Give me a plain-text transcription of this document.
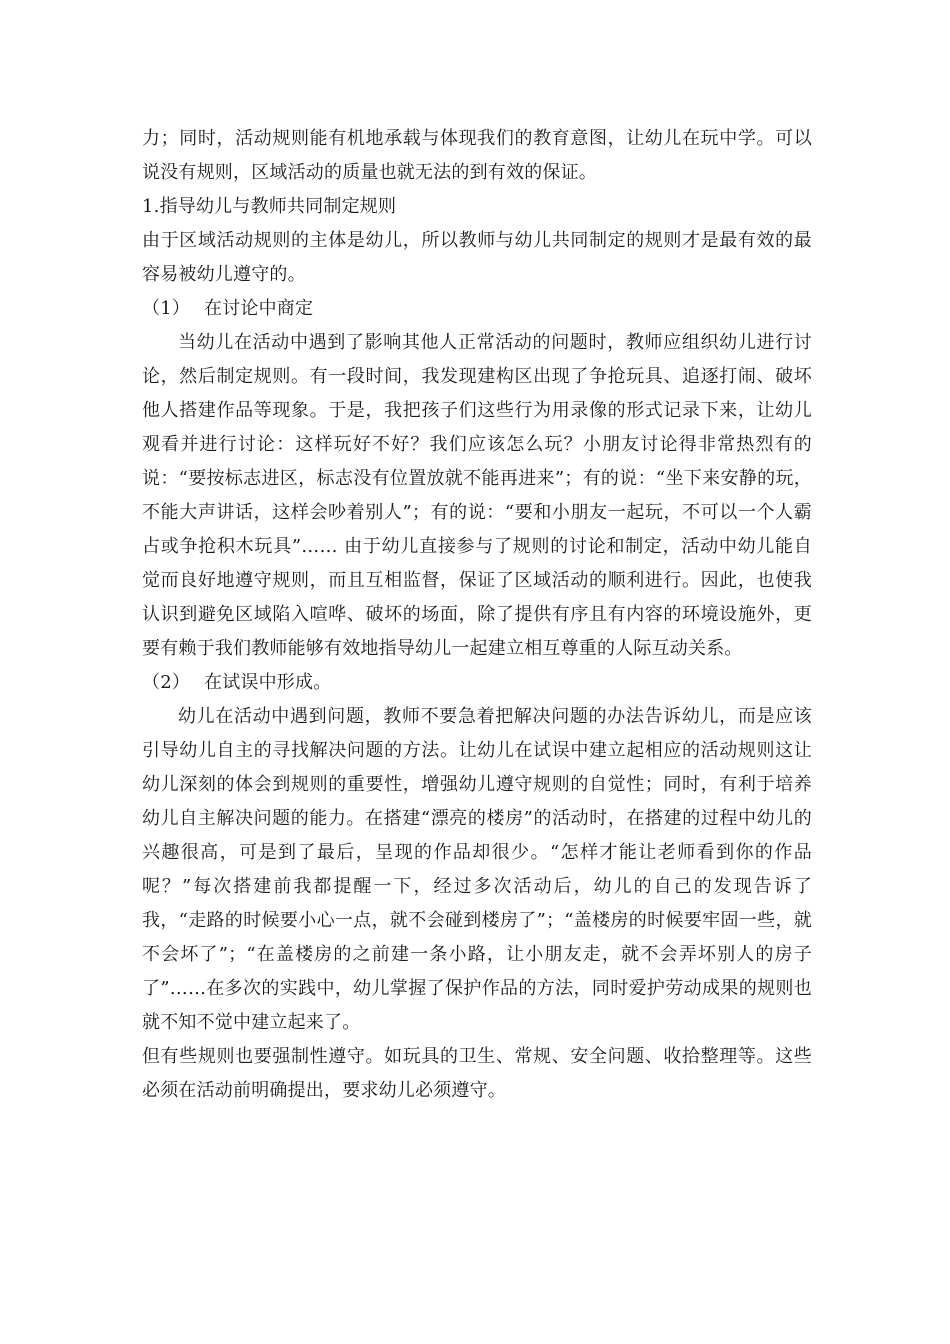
力；同时，活动规则能有机地承载与体现我们的教育意图，让幼儿在玩中学。可以说没有规则，区域活动的质量也就无法的到有效的保证。

1.指导幼儿与教师共同制定规则

由于区域活动规则的主体是幼儿，所以教师与幼儿共同制定的规则才是最有效的最容易被幼儿遵守的。

（1） 在讨论中商定

当幼儿在活动中遇到了影响其他人正常活动的问题时，教师应组织幼儿进行讨论，然后制定规则。有一段时间，我发现建构区出现了争抢玩具、追逐打闹、破坏他人搭建作品等现象。于是，我把孩子们这些行为用录像的形式记录下来，让幼儿观看并进行讨论：这样玩好不好？我们应该怎么玩？小朋友讨论得非常热烈有的说：“要按标志进区，标志没有位置放就不能再进来”；有的说：“坐下来安静的玩，不能大声讲话，这样会吵着别人”；有的说：“要和小朋友一起玩，不可以一个人霸占或争抢积木玩具”…… 由于幼儿直接参与了规则的讨论和制定，活动中幼儿能自觉而良好地遵守规则，而且互相监督，保证了区域活动的顺利进行。因此，也使我认识到避免区域陷入喧哗、破坏的场面，除了提供有序且有内容的环境设施外，更要有赖于我们教师能够有效地指导幼儿一起建立相互尊重的人际互动关系。

（2） 在试误中形成。

幼儿在活动中遇到问题，教师不要急着把解决问题的办法告诉幼儿，而是应该引导幼儿自主的寻找解决问题的方法。让幼儿在试误中建立起相应的活动规则这让幼儿深刻的体会到规则的重要性，增强幼儿遵守规则的自觉性；同时，有利于培养幼儿自主解决问题的能力。在搭建“漂亮的楼房”的活动时，在搭建的过程中幼儿的兴趣很高，可是到了最后，呈现的作品却很少。“怎样才能让老师看到你的作品呢？”每次搭建前我都提醒一下，经过多次活动后，幼儿的自己的发现告诉了我，“走路的时候要小心一点，就不会碰到楼房了”；“盖楼房的时候要牢固一些，就不会坏了”；“在盖楼房的之前建一条小路，让小朋友走，就不会弄坏别人的房子了”……在多次的实践中，幼儿掌握了保护作品的方法，同时爱护劳动成果的规则也就不知不觉中建立起来了。

但有些规则也要强制性遵守。如玩具的卫生、常规、安全问题、收拾整理等。这些必须在活动前明确提出，要求幼儿必须遵守。
